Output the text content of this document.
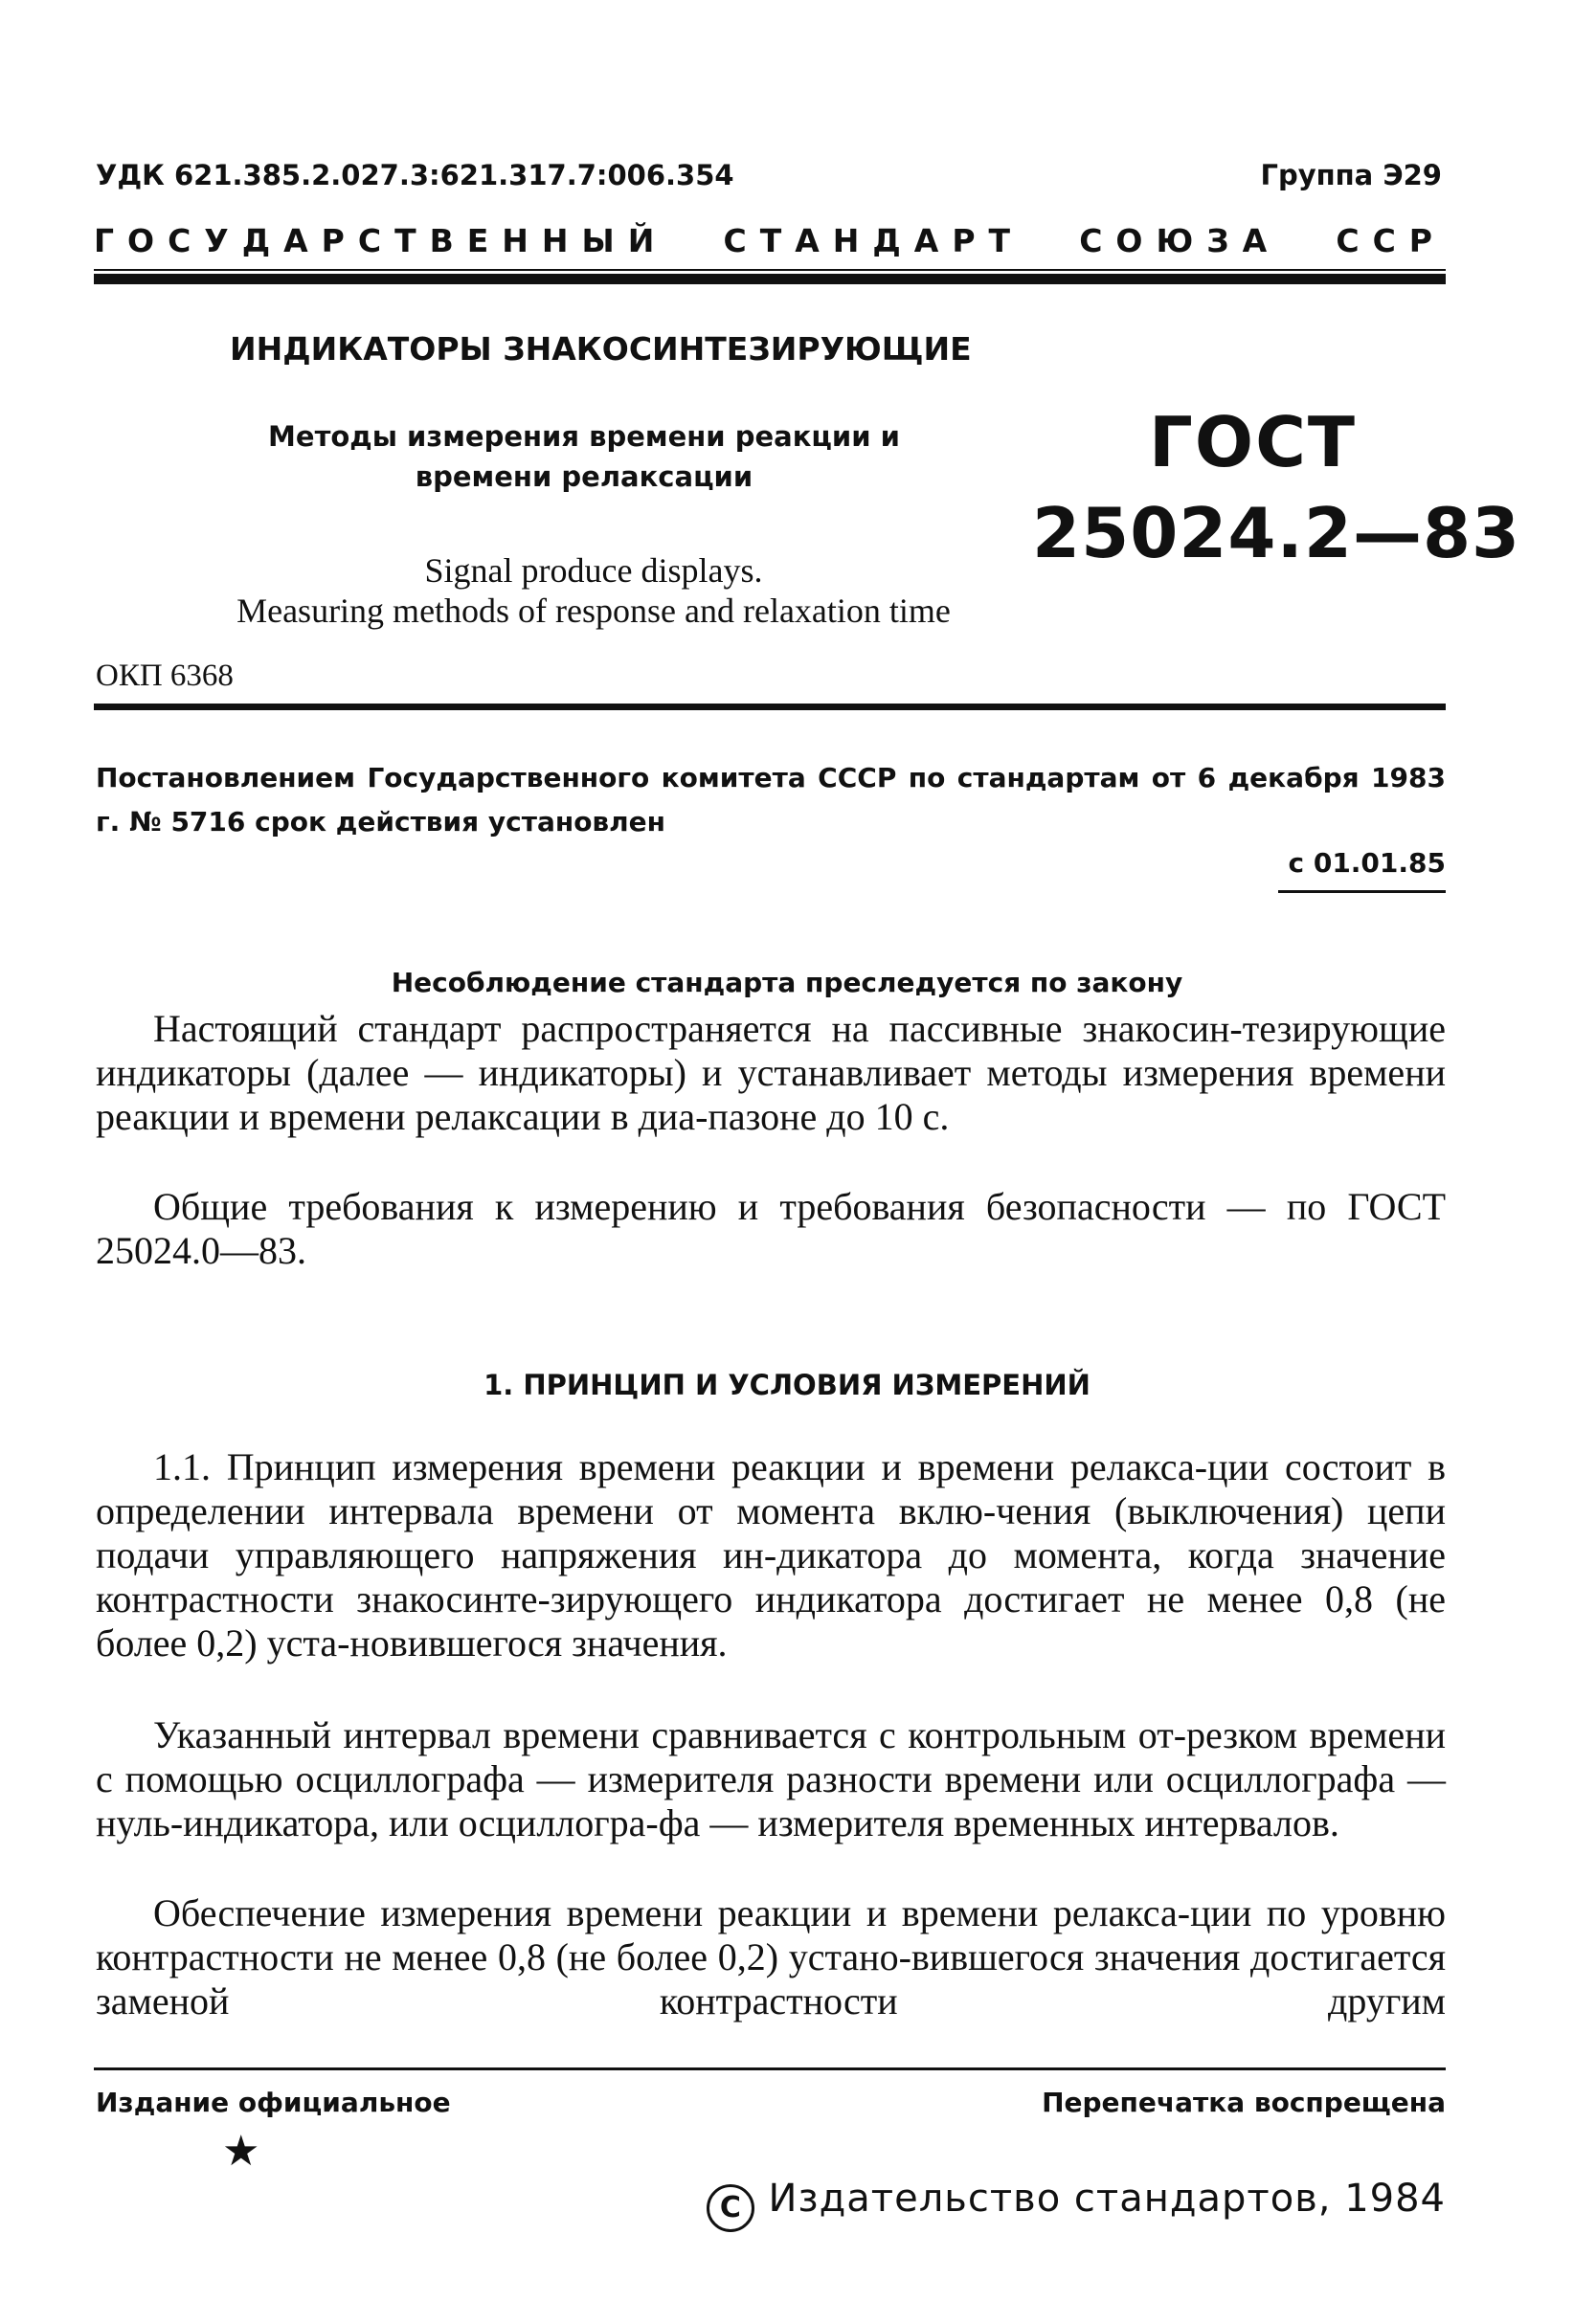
УДК 621.385.2.027.3:621.317.7:006.354	Группа Э29
ГОСУДАРСТВЕННЫЙ СТАНДАРТ СОЮЗА ССР
ИНДИКАТОРЫ ЗНАКОСИНТЕЗИРУЮЩИЕ
Методы измерения времени реакции и времени релаксации	ГОСТ
25024.2—83
Signal produce displays.
Measuring methods of response and relaxation time
ОКП 6368
Постановлением Государственного комитета СССР по стандартам от 6 декабря 1983 г. № 5716 срок действия установлен
с 01.01.85
Несоблюдение стандарта преследуется по закону
Настоящий стандарт распространяется на пассивные знакосин-тезирующие индикаторы (далее — индикаторы) и устанавливает методы измерения времени реакции и времени релаксации в диа-пазоне до 10 с.
Общие требования к измерению и требования безопасности — по ГОСТ 25024.0—83.
1. ПРИНЦИП И УСЛОВИЯ ИЗМЕРЕНИЙ
1.1. Принцип измерения времени реакции и времени релакса-ции состоит в определении интервала времени от момента вклю-чения (выключения) цепи подачи управляющего напряжения ин-дикатора до момента, когда значение контрастности знакосинте-зирующего индикатора достигает не менее 0,8 (не более 0,2) уста-новившегося значения.
Указанный интервал времени сравнивается с контрольным от-резком времени с помощью осциллографа — измерителя разности времени или осциллографа — нуль-индикатора, или осциллогра-фа — измерителя временных интервалов.
Обеспечение измерения времени реакции и времени релакса-ции по уровню контрастности не менее 0,8 (не более 0,2) устано-вившегося значения достигается заменой контрастности другим
Издание официальное	Перепечатка воспрещена
★
C Издательство стандартов, 1984
